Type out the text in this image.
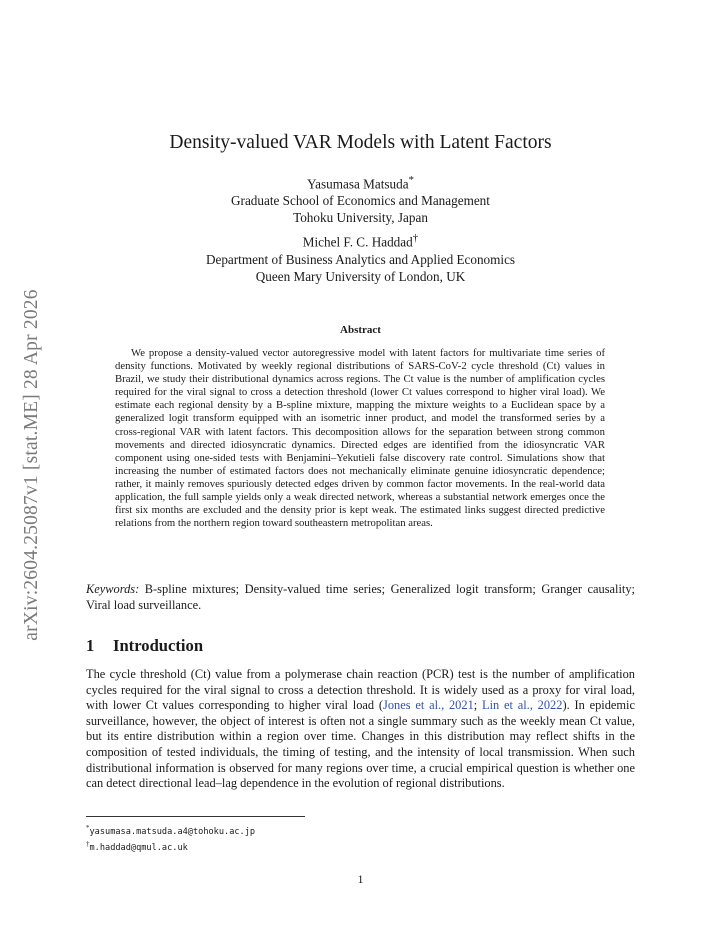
arXiv:2604.25087v1 [stat.ME] 28 Apr 2026
Density-valued VAR Models with Latent Factors
Yasumasa Matsuda*
Graduate School of Economics and Management
Tohoku University, Japan
Michel F. C. Haddad†
Department of Business Analytics and Applied Economics
Queen Mary University of London, UK
Abstract

We propose a density-valued vector autoregressive model with latent factors for multivariate time series of density functions. Motivated by weekly regional distributions of SARS-CoV-2 cycle threshold (Ct) values in Brazil, we study their distributional dynamics across regions. The Ct value is the number of amplification cycles required for the viral signal to cross a detection threshold (lower Ct values correspond to higher viral load). We estimate each regional density by a B-spline mixture, mapping the mixture weights to a Euclidean space by a generalized logit transform equipped with an isometric inner product, and model the transformed series by a cross-regional VAR with latent factors. This decomposition allows for the separation between strong common movements and directed idiosyncratic dynamics. Directed edges are identified from the idiosyncratic VAR component using one-sided tests with Benjamini–Yekutieli false discovery rate control. Simulations show that increasing the number of estimated factors does not mechanically eliminate genuine idiosyncratic dependence; rather, it mainly removes spuriously detected edges driven by common factor movements. In the real-world data application, the full sample yields only a weak directed network, whereas a substantial network emerges once the first six months are excluded and the density prior is kept weak. The estimated links suggest directed predictive relations from the northern region toward southeastern metropolitan areas.

Keywords: B-spline mixtures; Density-valued time series; Generalized logit transform; Granger causality; Viral load surveillance.

1 Introduction

The cycle threshold (Ct) value from a polymerase chain reaction (PCR) test is the number of amplification cycles required for the viral signal to cross a detection threshold. It is widely used as a proxy for viral load, with lower Ct values corresponding to higher viral load (Jones et al., 2021; Lin et al., 2022). In epidemic surveillance, however, the object of interest is often not a single summary such as the weekly mean Ct value, but its entire distribution within a region over time. Changes in this distribution may reflect shifts in the composition of tested individuals, the timing of testing, and the intensity of local transmission. When such distributional information is observed for many regions over time, a crucial empirical question is whether one can detect directional lead–lag dependence in the evolution of regional distributions.

*yasumasa.matsuda.a4@tohoku.ac.jp
†m.haddad@qmul.ac.uk
1
